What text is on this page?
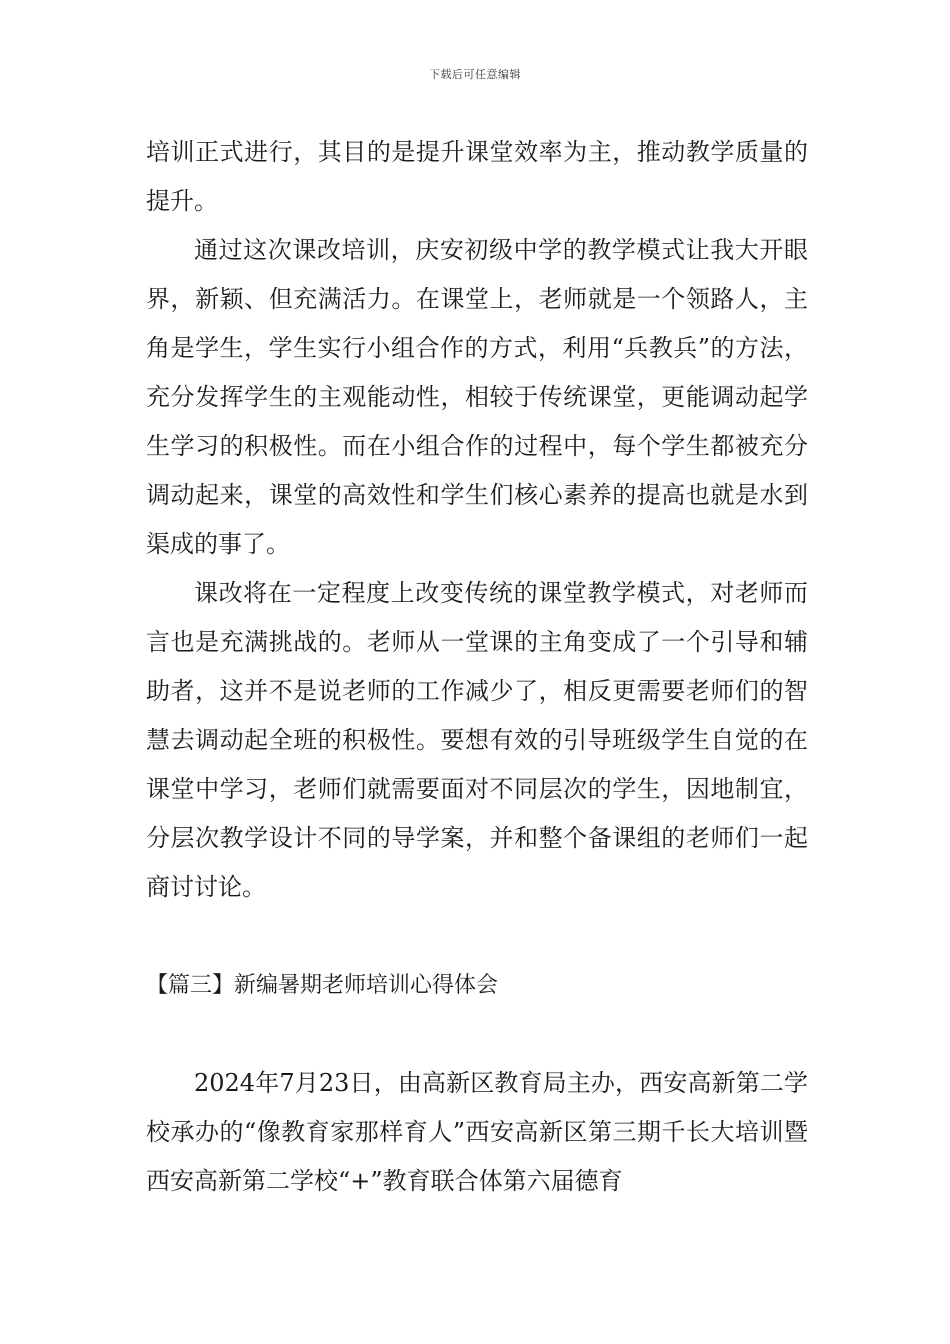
下载后可任意编辑

培训正式进行，其目的是提升课堂效率为主，推动教学质量的提升。

通过这次课改培训，庆安初级中学的教学模式让我大开眼界，新颖、但充满活力。在课堂上，老师就是一个领路人，主角是学生，学生实行小组合作的方式，利用“兵教兵”的方法，充分发挥学生的主观能动性，相较于传统课堂，更能调动起学生学习的积极性。而在小组合作的过程中，每个学生都被充分调动起来，课堂的高效性和学生们核心素养的提高也就是水到渠成的事了。

课改将在一定程度上改变传统的课堂教学模式，对老师而言也是充满挑战的。老师从一堂课的主角变成了一个引导和辅助者，这并不是说老师的工作减少了，相反更需要老师们的智慧去调动起全班的积极性。要想有效的引导班级学生自觉的在课堂中学习，老师们就需要面对不同层次的学生，因地制宜，分层次教学设计不同的导学案，并和整个备课组的老师们一起商讨讨论。

【篇三】新编暑期老师培训心得体会

2024年7月23日，由高新区教育局主办，西安高新第二学校承办的“像教育家那样育人”西安高新区第三期千长大培训暨西安高新第二学校“+”教育联合体第六届德育
